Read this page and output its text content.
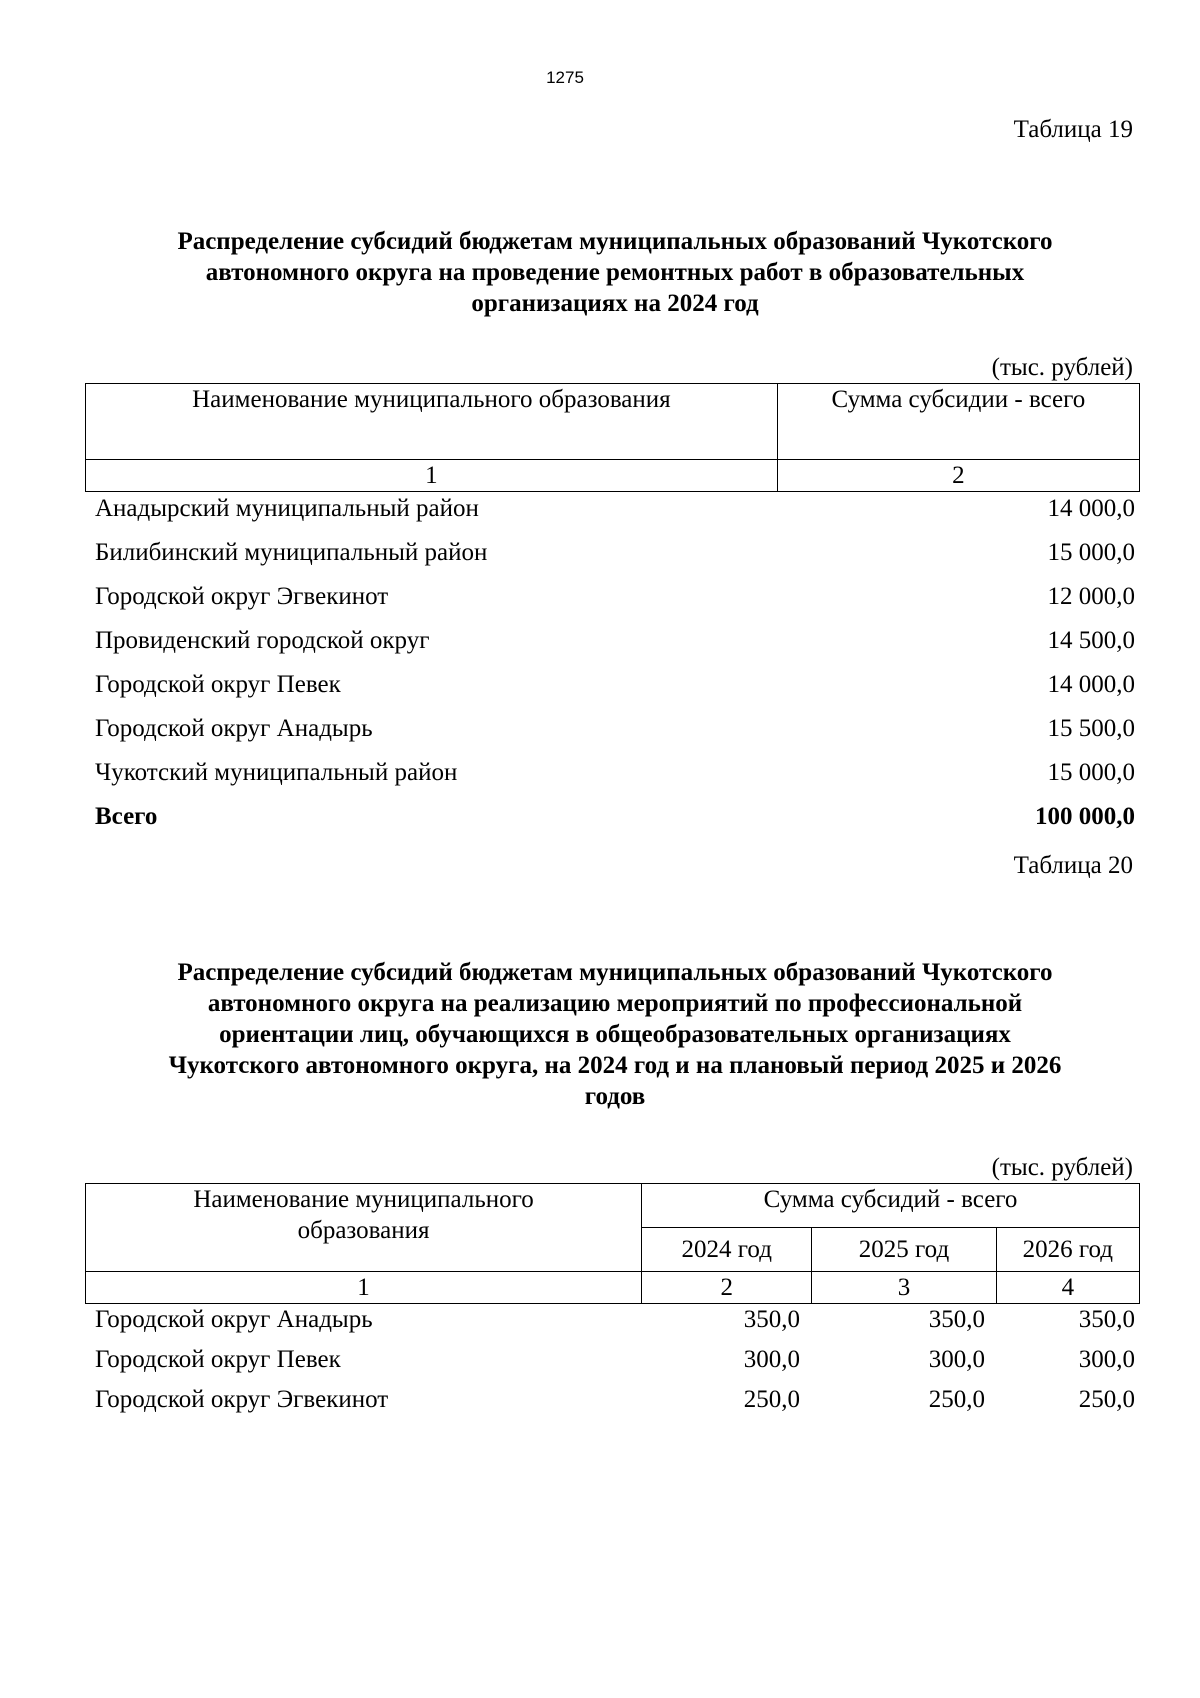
1275
Таблица 19
Распределение субсидий бюджетам муниципальных образований Чукотского
автономного округа на проведение ремонтных работ в образовательных
организациях на 2024 год
(тыс. рублей)
Наименование муниципального образования	Сумма субсидии - всего
1	2
Анадырский муниципальный район	14 000,0
Билибинский муниципальный район	15 000,0
Городской округ Эгвекинот	12 000,0
Провиденский городской округ	14 500,0
Городской округ Певек	14 000,0
Городской округ Анадырь	15 500,0
Чукотский муниципальный район	15 000,0
Всего	100 000,0
Таблица 20
Распределение субсидий бюджетам муниципальных образований Чукотского
автономного округа на реализацию мероприятий по профессиональной
ориентации лиц, обучающихся в общеобразовательных организациях
Чукотского автономного округа, на 2024 год и на плановый период 2025 и 2026
годов
(тыс. рублей)
Наименование муниципального
образования	Сумма субсидий - всего		
	2024 год	2025 год	2026 год
1	2	3	4
Городской округ Анадырь	350,0	350,0	350,0
Городской округ Певек	300,0	300,0	300,0
Городской округ Эгвекинот	250,0	250,0	250,0
